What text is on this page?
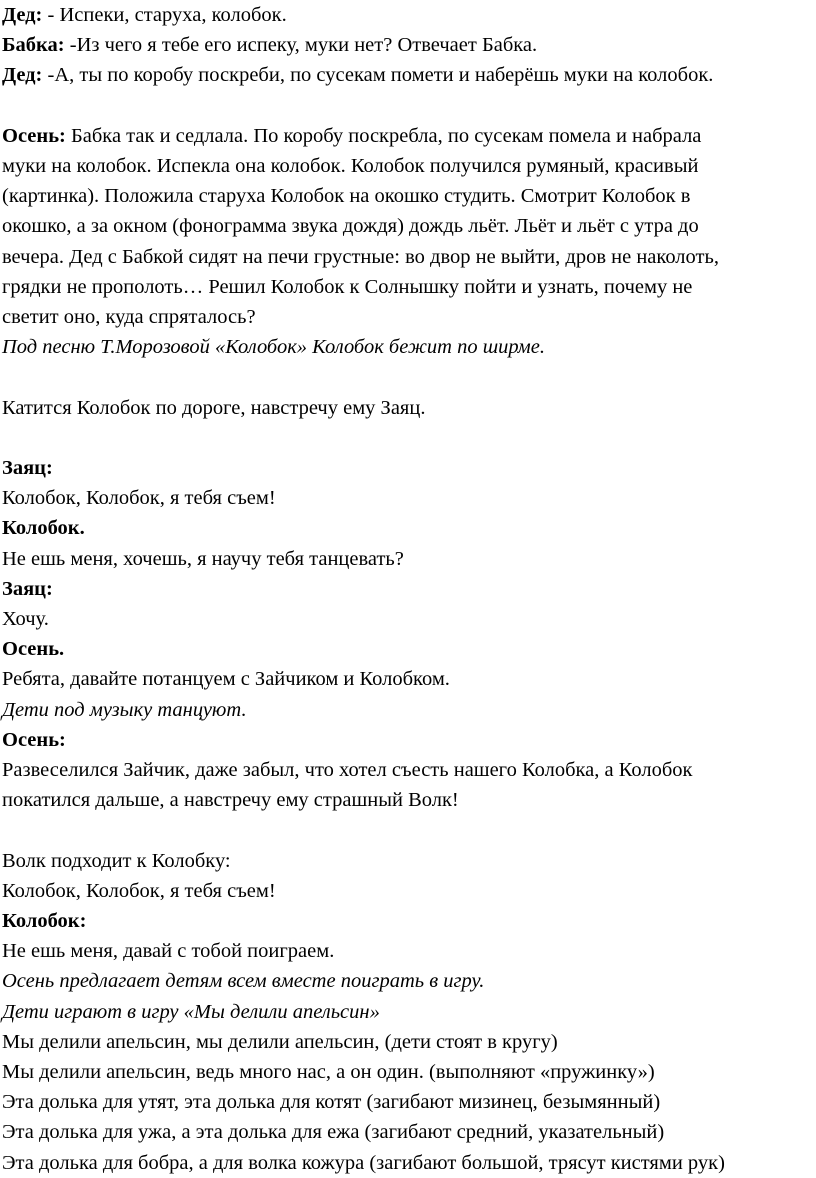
Дед: - Испеки, старуха, колобок.

Бабка: -Из чего я тебе его испеку, муки нет? Отвечает Бабка.

Дед: -А, ты по коробу поскреби, по сусекам помети и наберёшь муки на колобок.

Осень: Бабка так и седлала. По коробу поскребла, по сусекам помела и набрала

муки на колобок. Испекла она колобок. Колобок получился румяный, красивый

(картинка). Положила старуха Колобок на окошко студить. Смотрит Колобок в

окошко, а за окном (фонограмма звука дождя) дождь льёт. Льёт и льёт с утра до

вечера. Дед с Бабкой сидят на печи грустные: во двор не выйти, дров не наколоть,

грядки не прополоть… Решил Колобок к Солнышку пойти и узнать, почему не

светит оно, куда спряталось?

Под песню Т.Морозовой «Колобок» Колобок бежит по ширме.

Катится Колобок по дороге, навстречу ему Заяц.

Заяц:

Колобок, Колобок, я тебя съем!

Колобок.

Не ешь меня, хочешь, я научу тебя танцевать?

Заяц:

Хочу.

Осень.

Ребята, давайте потанцуем с Зайчиком и Колобком.

Дети под музыку танцуют.

Осень:

Развеселился Зайчик, даже забыл, что хотел съесть нашего Колобка, а Колобок

покатился дальше, а навстречу ему страшный Волк!

Волк подходит к Колобку:

Колобок, Колобок, я тебя съем!

Колобок:

Не ешь меня, давай с тобой поиграем.

Осень предлагает детям всем вместе поиграть в игру.

Дети играют в игру «Мы делили апельсин»

Мы делили апельсин, мы делили апельсин, (дети стоят в кругу)

Мы делили апельсин, ведь много нас, а он один. (выполняют «пружинку»)

Эта долька для утят, эта долька для котят (загибают мизинец, безымянный)

Эта долька для ужа, а эта долька для ежа (загибают средний, указательный)

Эта долька для бобра, а для волка кожура (загибают большой, трясут кистями рук)
